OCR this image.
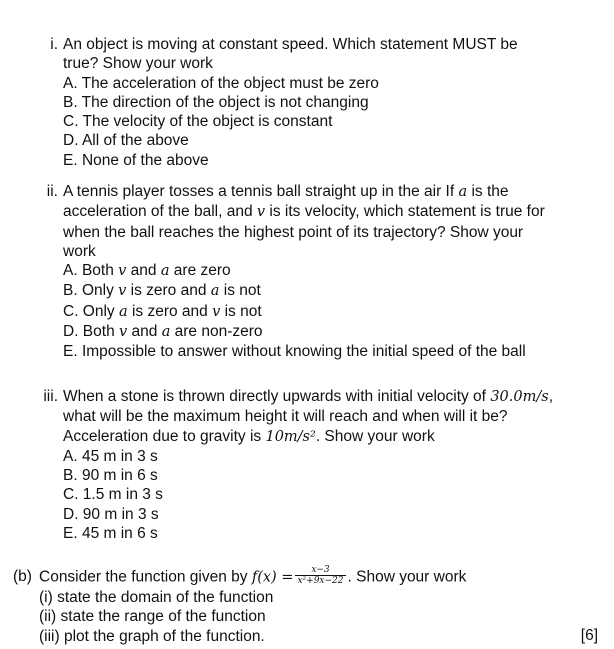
i. An object is moving at constant speed. Which statement MUST be

true? Show your work

A. The acceleration of the object must be zero

B. The direction of the object is not changing

C. The velocity of the object is constant

D. All of the above

E. None of the above

ii. A tennis player tosses a tennis ball straight up in the air If a is the

acceleration of the ball, and v is its velocity, which statement is true for

when the ball reaches the highest point of its trajectory? Show your

work

A. Both v and a are zero

B. Only v is zero and a is not

C. Only a is zero and v is not

D. Both v and a are non-zero

E. Impossible to answer without knowing the initial speed of the ball

iii. When a stone is thrown directly upwards with initial velocity of 30.0m/s,

what will be the maximum height it will reach and when will it be?

Acceleration due to gravity is 10m/s². Show your work

A. 45 m in 3 s

B. 90 m in 6 s

C. 1.5 m in 3 s

D. 90 m in 3 s

E. 45 m in 6 s

(b) Consider the function given by $f(x) = \frac{x-3}{\text{x²+9x−22}}$ . Show your work

(i) state the domain of the function

(ii) state the range of the function

(iii) plot the graph of the function.	[6]
